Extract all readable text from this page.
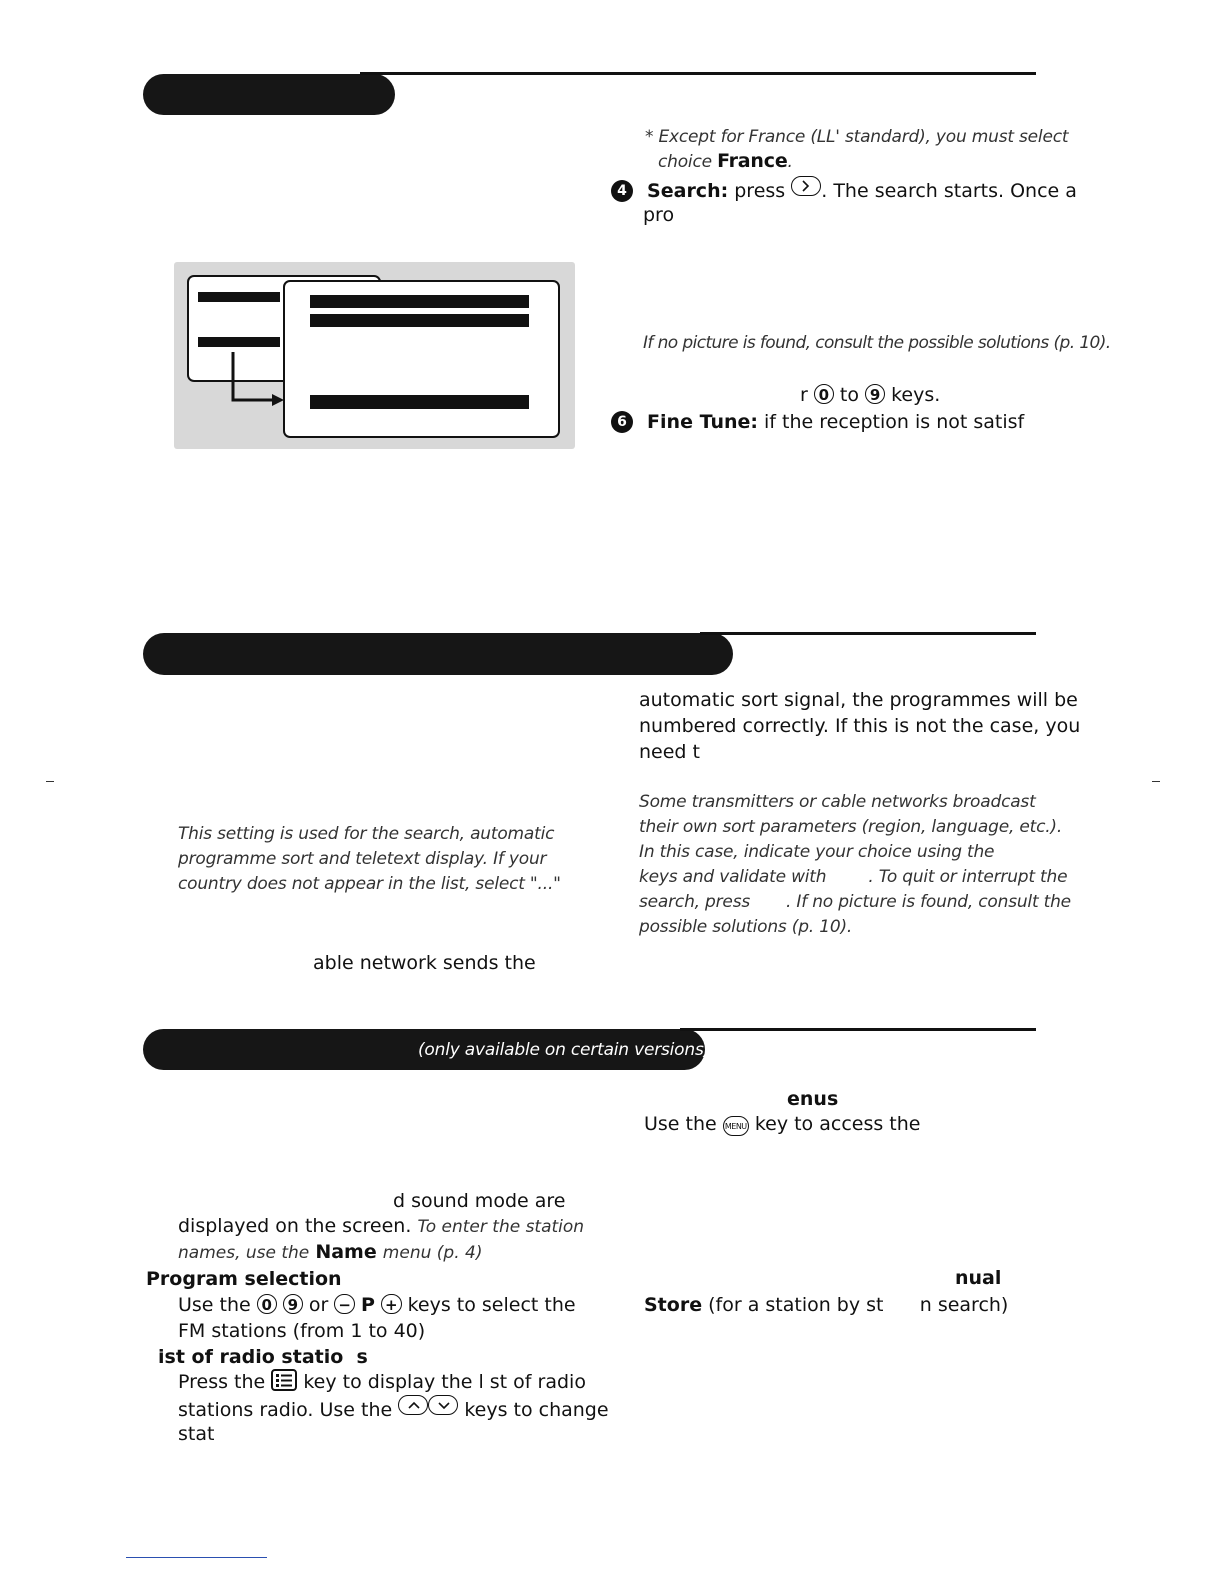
* Except for France (LL' standard), you must select
choice France.
4 Search: press . The search starts. Once a
pro
If no picture is found, consult the possible solutions (p. 10).
r 0 to 9 keys.
6 Fine Tune: if the reception is not satisf
automatic sort signal, the programmes will be
numbered correctly. If this is not the case, you
need t
Some transmitters or cable networks broadcast
their own sort parameters (region, language, etc.).
In this case, indicate your choice using the
keys and validate with . To quit or interrupt the
search, press . If no picture is found, consult the
possible solutions (p. 10).
This setting is used for the search, automatic
programme sort and teletext display. If your
country does not appear in the list, select "..."
able network sends the
(only available on certain versions)
enus
Use the MENU key to access the
nual
Store (for a station by st      n search)
d sound mode are
displayed on the screen. To enter the station
names, use the Name menu (p. 4)
Program selection
Use the 0 9 or − P + keys to select the
FM stations (from 1 to 40)
ist of radio statio  s
Press the key to display the l st of radio
stations radio. Use the	keys to change
stat
